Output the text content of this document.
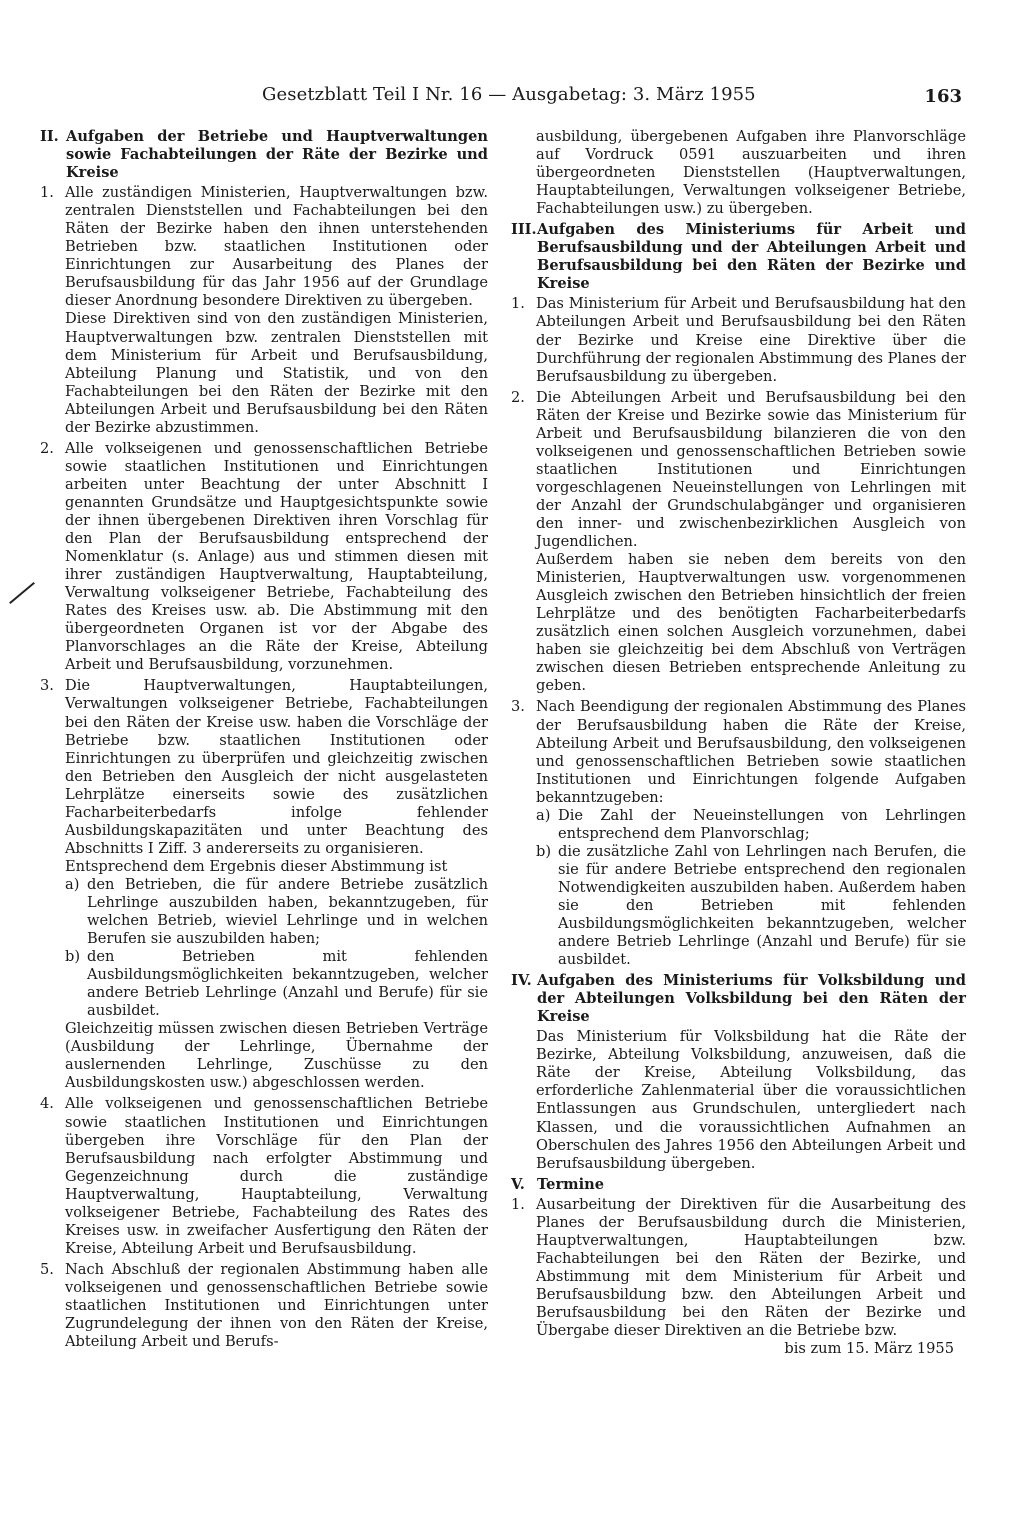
Gesetzblatt Teil I Nr. 16 — Ausgabetag: 3. März 1955	163
II. Aufgaben der Betriebe und Hauptverwaltungen sowie Fachabteilungen der Räte der Bezirke und Kreise
1. Alle zuständigen Ministerien, Hauptverwaltungen bzw. zentralen Dienststellen und Fachabteilungen bei den Räten der Bezirke haben den ihnen unterstehenden Betrieben bzw. staatlichen Institutionen oder Einrichtungen zur Ausarbeitung des Planes der Berufsausbildung für das Jahr 1956 auf der Grundlage dieser Anordnung besondere Direktiven zu übergeben.
Diese Direktiven sind von den zuständigen Ministerien, Hauptverwaltungen bzw. zentralen Dienststellen mit dem Ministerium für Arbeit und Berufsausbildung, Abteilung Planung und Statistik, und von den Fachabteilungen bei den Räten der Bezirke mit den Abteilungen Arbeit und Berufsausbildung bei den Räten der Bezirke abzustimmen.
2. Alle volkseigenen und genossenschaftlichen Betriebe sowie staatlichen Institutionen und Einrichtungen arbeiten unter Beachtung der unter Abschnitt I genannten Grundsätze und Hauptgesichtspunkte sowie der ihnen übergebenen Direktiven ihren Vorschlag für den Plan der Berufsausbildung entsprechend der Nomenklatur (s. Anlage) aus und stimmen diesen mit ihrer zuständigen Hauptverwaltung, Hauptabteilung, Verwaltung volkseigener Betriebe, Fachabteilung des Rates des Kreises usw. ab. Die Abstimmung mit den übergeordneten Organen ist vor der Abgabe des Planvorschlages an die Räte der Kreise, Abteilung Arbeit und Berufsausbildung, vorzunehmen.
3. Die Hauptverwaltungen, Hauptabteilungen, Verwaltungen volkseigener Betriebe, Fachabteilungen bei den Räten der Kreise usw. haben die Vorschläge der Betriebe bzw. staatlichen Institutionen oder Einrichtungen zu überprüfen und gleichzeitig zwischen den Betrieben den Ausgleich der nicht ausgelasteten Lehrplätze einerseits sowie des zusätzlichen Facharbeiterbedarfs infolge fehlender Ausbildungskapazitäten und unter Beachtung des Abschnitts I Ziff. 3 andererseits zu organisieren.
Entsprechend dem Ergebnis dieser Abstimmung ist
a) den Betrieben, die für andere Betriebe zusätzlich Lehrlinge auszubilden haben, bekanntzugeben, für welchen Betrieb, wieviel Lehrlinge und in welchen Berufen sie auszubilden haben;
b) den Betrieben mit fehlenden Ausbildungsmöglichkeiten bekanntzugeben, welcher andere Betrieb Lehrlinge (Anzahl und Berufe) für sie ausbildet.
Gleichzeitig müssen zwischen diesen Betrieben Verträge (Ausbildung der Lehrlinge, Übernahme der auslernenden Lehrlinge, Zuschüsse zu den Ausbildungskosten usw.) abgeschlossen werden.
4. Alle volkseigenen und genossenschaftlichen Betriebe sowie staatlichen Institutionen und Einrichtungen übergeben ihre Vorschläge für den Plan der Berufsausbildung nach erfolgter Abstimmung und Gegenzeichnung durch die zuständige Hauptverwaltung, Hauptabteilung, Verwaltung volkseigener Betriebe, Fachabteilung des Rates des Kreises usw. in zweifacher Ausfertigung den Räten der Kreise, Abteilung Arbeit und Berufsausbildung.
5. Nach Abschluß der regionalen Abstimmung haben alle volkseigenen und genossenschaftlichen Betriebe sowie staatlichen Institutionen und Einrichtungen unter Zugrundelegung der ihnen von den Räten der Kreise, Abteilung Arbeit und Berufs-
ausbildung, übergebenen Aufgaben ihre Planvorschläge auf Vordruck 0591 auszuarbeiten und ihren übergeordneten Dienststellen (Hauptverwaltungen, Hauptabteilungen, Verwaltungen volkseigener Betriebe, Fachabteilungen usw.) zu übergeben.
III. Aufgaben des Ministeriums für Arbeit und Berufsausbildung und der Abteilungen Arbeit und Berufsausbildung bei den Räten der Bezirke und Kreise
1. Das Ministerium für Arbeit und Berufsausbildung hat den Abteilungen Arbeit und Berufsausbildung bei den Räten der Bezirke und Kreise eine Direktive über die Durchführung der regionalen Abstimmung des Planes der Berufsausbildung zu übergeben.
2. Die Abteilungen Arbeit und Berufsausbildung bei den Räten der Kreise und Bezirke sowie das Ministerium für Arbeit und Berufsausbildung bilanzieren die von den volkseigenen und genossenschaftlichen Betrieben sowie staatlichen Institutionen und Einrichtungen vorgeschlagenen Neueinstellungen von Lehrlingen mit der Anzahl der Grundschulabgänger und organisieren den inner- und zwischenbezirklichen Ausgleich von Jugendlichen.
Außerdem haben sie neben dem bereits von den Ministerien, Hauptverwaltungen usw. vorgenommenen Ausgleich zwischen den Betrieben hinsichtlich der freien Lehrplätze und des benötigten Facharbeiterbedarfs zusätzlich einen solchen Ausgleich vorzunehmen, dabei haben sie gleichzeitig bei dem Abschluß von Verträgen zwischen diesen Betrieben entsprechende Anleitung zu geben.
3. Nach Beendigung der regionalen Abstimmung des Planes der Berufsausbildung haben die Räte der Kreise, Abteilung Arbeit und Berufsausbildung, den volkseigenen und genossenschaftlichen Betrieben sowie staatlichen Institutionen und Einrichtungen folgende Aufgaben bekanntzugeben:
a) Die Zahl der Neueinstellungen von Lehrlingen entsprechend dem Planvorschlag;
b) die zusätzliche Zahl von Lehrlingen nach Berufen, die sie für andere Betriebe entsprechend den regionalen Notwendigkeiten auszubilden haben. Außerdem haben sie den Betrieben mit fehlenden Ausbildungsmöglichkeiten bekanntzugeben, welcher andere Betrieb Lehrlinge (Anzahl und Berufe) für sie ausbildet.
IV. Aufgaben des Ministeriums für Volksbildung und der Abteilungen Volksbildung bei den Räten der Kreise
Das Ministerium für Volksbildung hat die Räte der Bezirke, Abteilung Volksbildung, anzuweisen, daß die Räte der Kreise, Abteilung Volksbildung, das erforderliche Zahlenmaterial über die voraussichtlichen Entlassungen aus Grundschulen, untergliedert nach Klassen, und die voraussichtlichen Aufnahmen an Oberschulen des Jahres 1956 den Abteilungen Arbeit und Berufsausbildung übergeben.
V. Termine
1. Ausarbeitung der Direktiven für die Ausarbeitung des Planes der Berufsausbildung durch die Ministerien, Hauptverwaltungen, Hauptabteilungen bzw. Fachabteilungen bei den Räten der Bezirke, und Abstimmung mit dem Ministerium für Arbeit und Berufsausbildung bzw. den Abteilungen Arbeit und Berufsausbildung bei den Räten der Bezirke und Übergabe dieser Direktiven an die Betriebe bzw.
bis zum 15. März 1955
